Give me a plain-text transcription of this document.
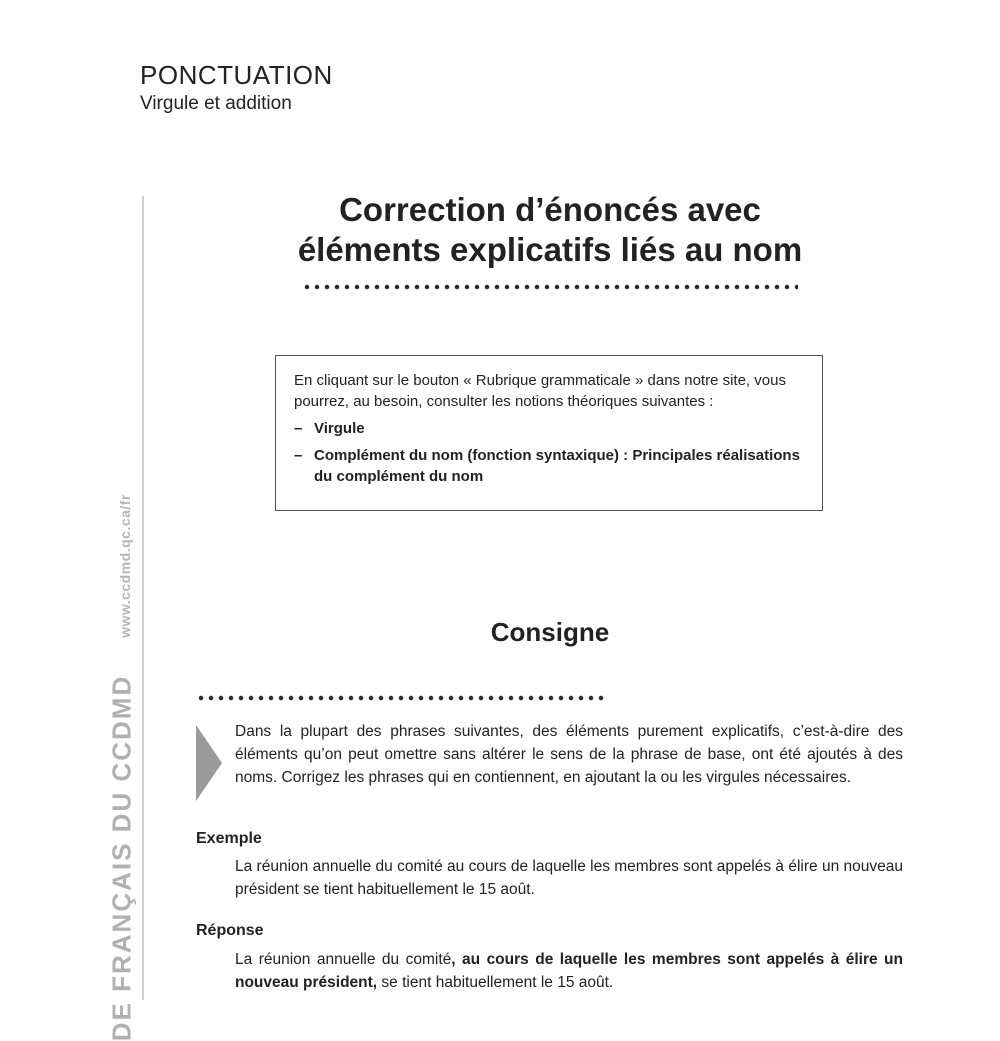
PONCTUATION
Virgule et addition
www.ccdmd.qc.ca/fr
DE FRANÇAIS DU CCDMD
Correction d’énoncés avec
éléments explicatifs liés au nom

En cliquant sur le bouton « Rubrique grammaticale » dans notre site, vous pourrez, au besoin, consulter les notions théoriques suivantes :

– Virgule
– Complément du nom (fonction syntaxique) : Principales réalisations du complément du nom
Consigne
Dans la plupart des phrases suivantes, des éléments purement explicatifs, c’est-à-dire des éléments qu’on peut omettre sans altérer le sens de la phrase de base, ont été ajoutés à des noms. Corrigez les phrases qui en contiennent, en ajoutant la ou les virgules nécessaires.
Exemple
La réunion annuelle du comité au cours de laquelle les membres sont appelés à élire un nouveau président se tient habituellement le 15 août.
Réponse
La réunion annuelle du comité, au cours de laquelle les membres sont appelés à élire un nouveau président, se tient habituellement le 15 août.
